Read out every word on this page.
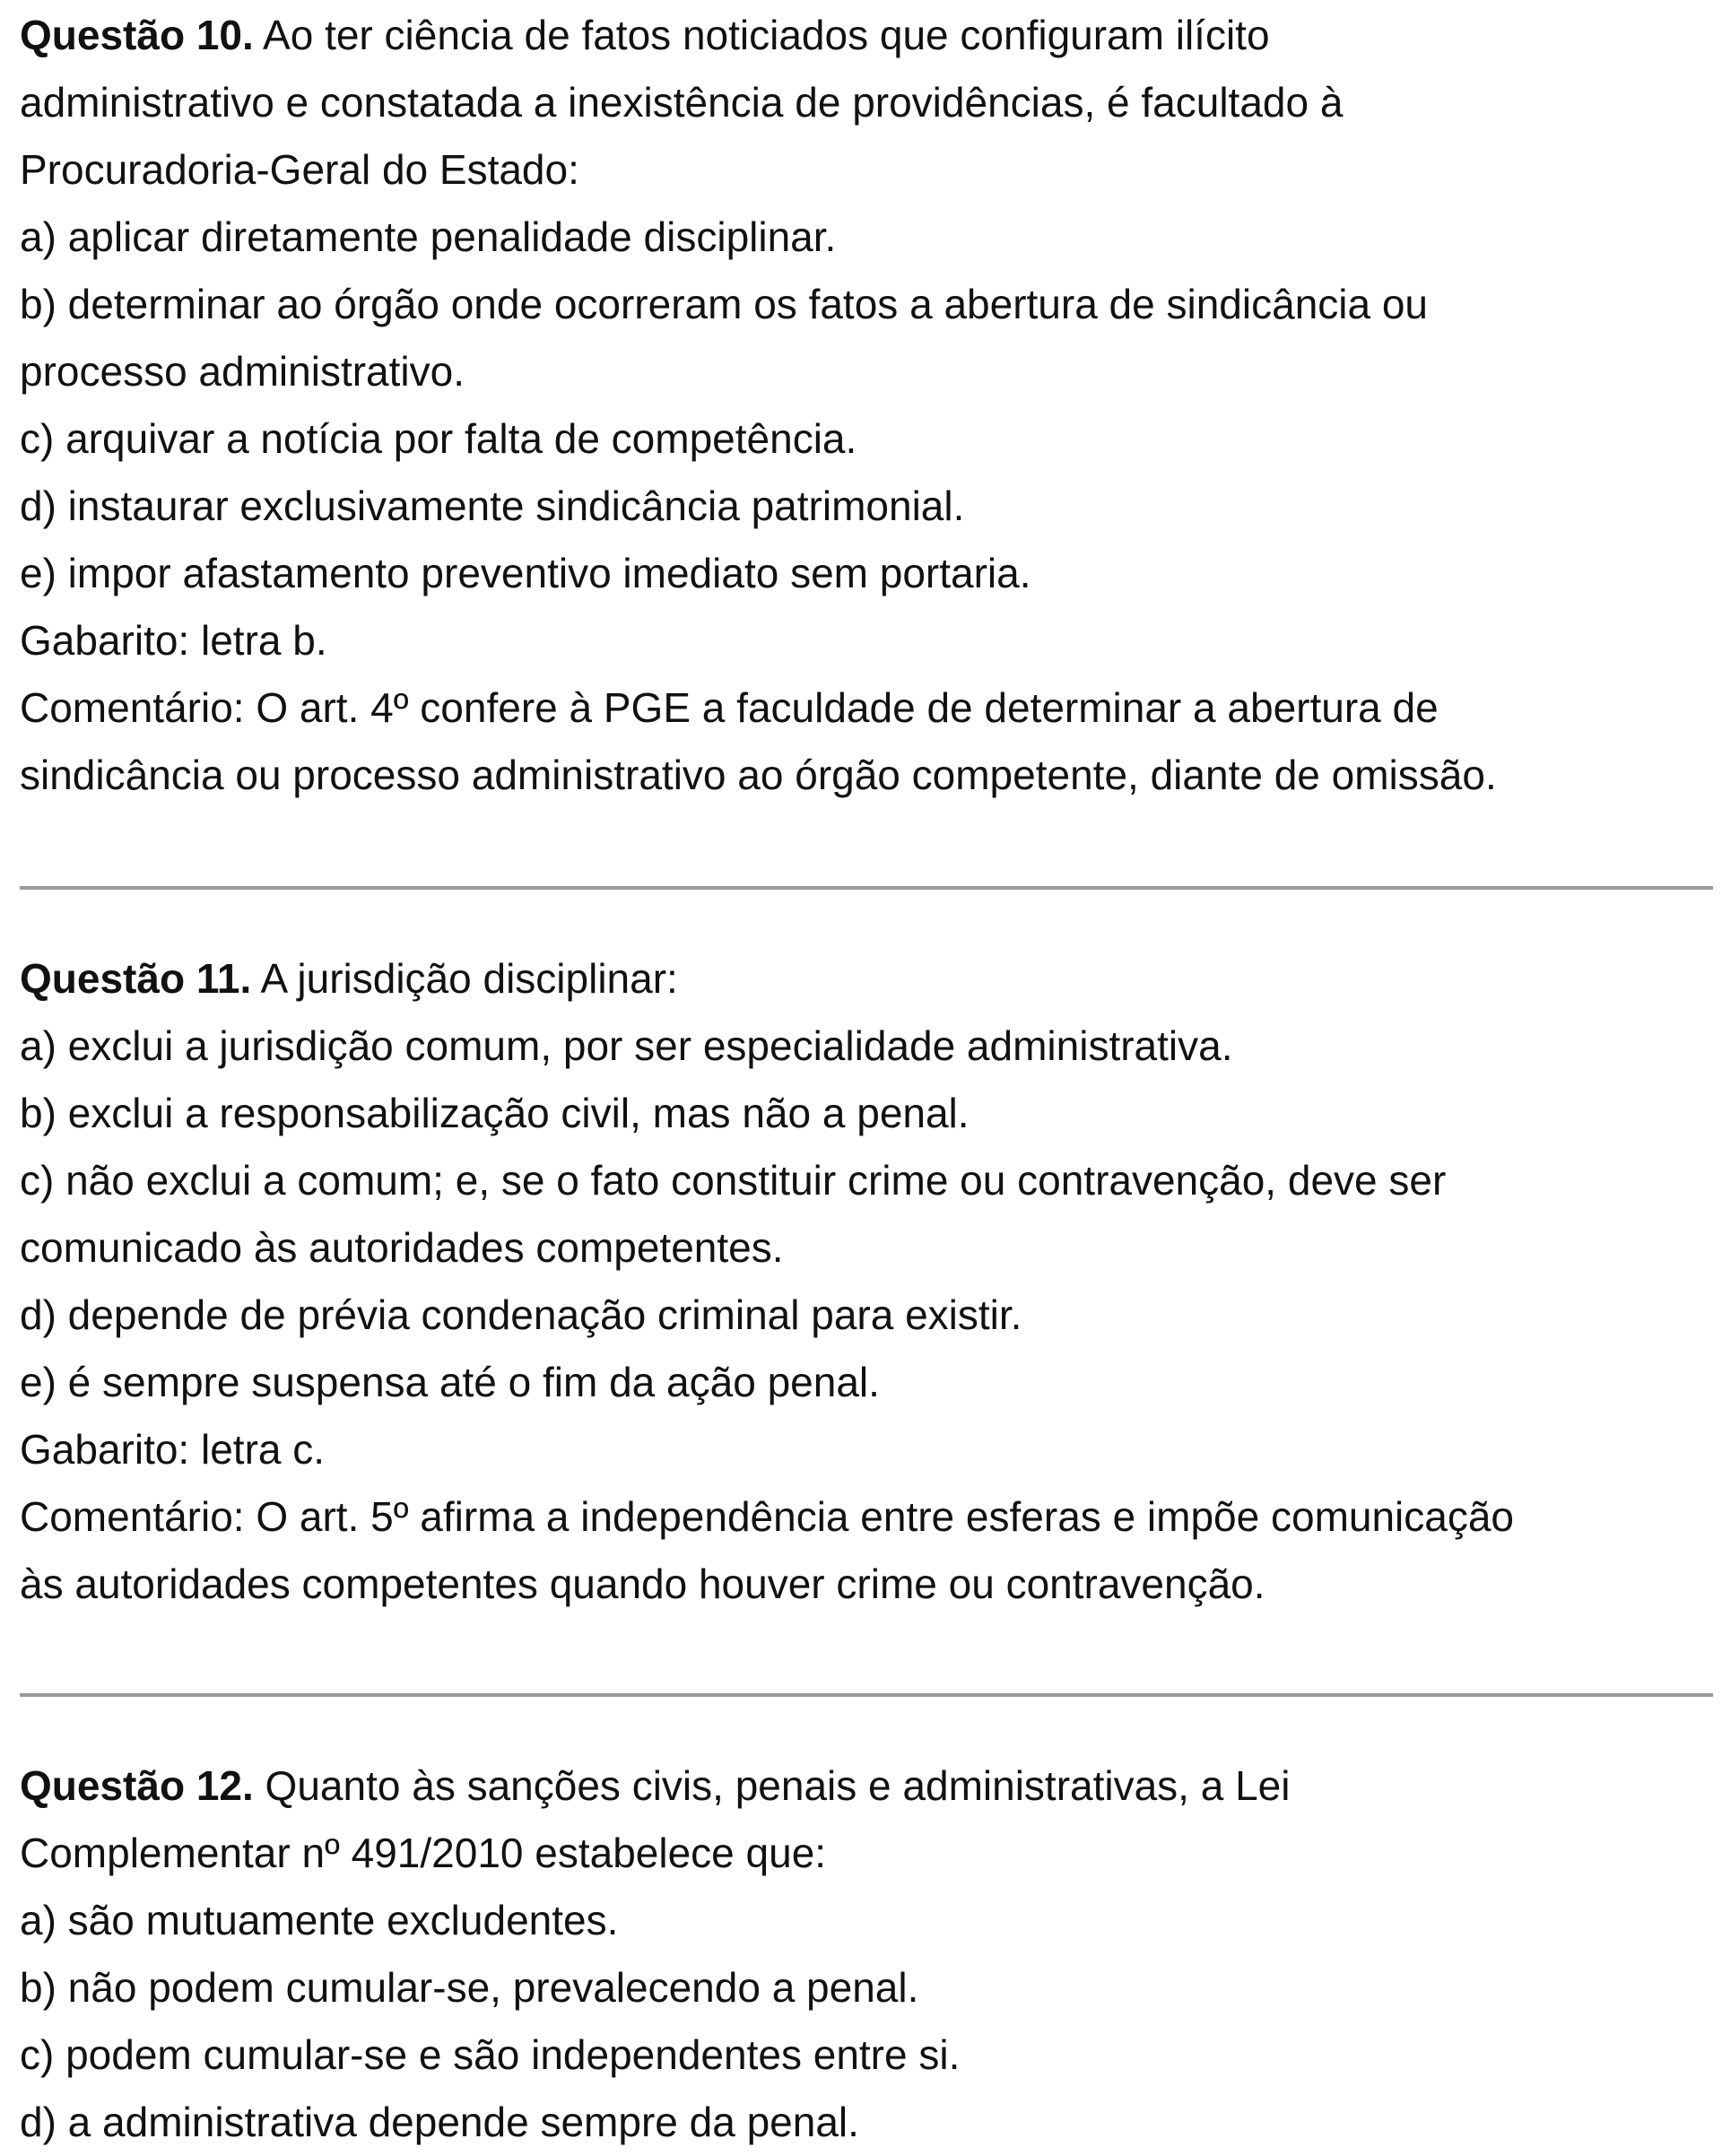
Questão 10. Ao ter ciência de fatos noticiados que configuram ilícito
administrativo e constatada a inexistência de providências, é facultado à
Procuradoria-Geral do Estado:
a) aplicar diretamente penalidade disciplinar.
b) determinar ao órgão onde ocorreram os fatos a abertura de sindicância ou
processo administrativo.
c) arquivar a notícia por falta de competência.
d) instaurar exclusivamente sindicância patrimonial.
e) impor afastamento preventivo imediato sem portaria.
Gabarito: letra b.
Comentário: O art. 4º confere à PGE a faculdade de determinar a abertura de
sindicância ou processo administrativo ao órgão competente, diante de omissão.
Questão 11. A jurisdição disciplinar:
a) exclui a jurisdição comum, por ser especialidade administrativa.
b) exclui a responsabilização civil, mas não a penal.
c) não exclui a comum; e, se o fato constituir crime ou contravenção, deve ser
comunicado às autoridades competentes.
d) depende de prévia condenação criminal para existir.
e) é sempre suspensa até o fim da ação penal.
Gabarito: letra c.
Comentário: O art. 5º afirma a independência entre esferas e impõe comunicação
às autoridades competentes quando houver crime ou contravenção.
Questão 12. Quanto às sanções civis, penais e administrativas, a Lei
Complementar nº 491/2010 estabelece que:
a) são mutuamente excludentes.
b) não podem cumular-se, prevalecendo a penal.
c) podem cumular-se e são independentes entre si.
d) a administrativa depende sempre da penal.
